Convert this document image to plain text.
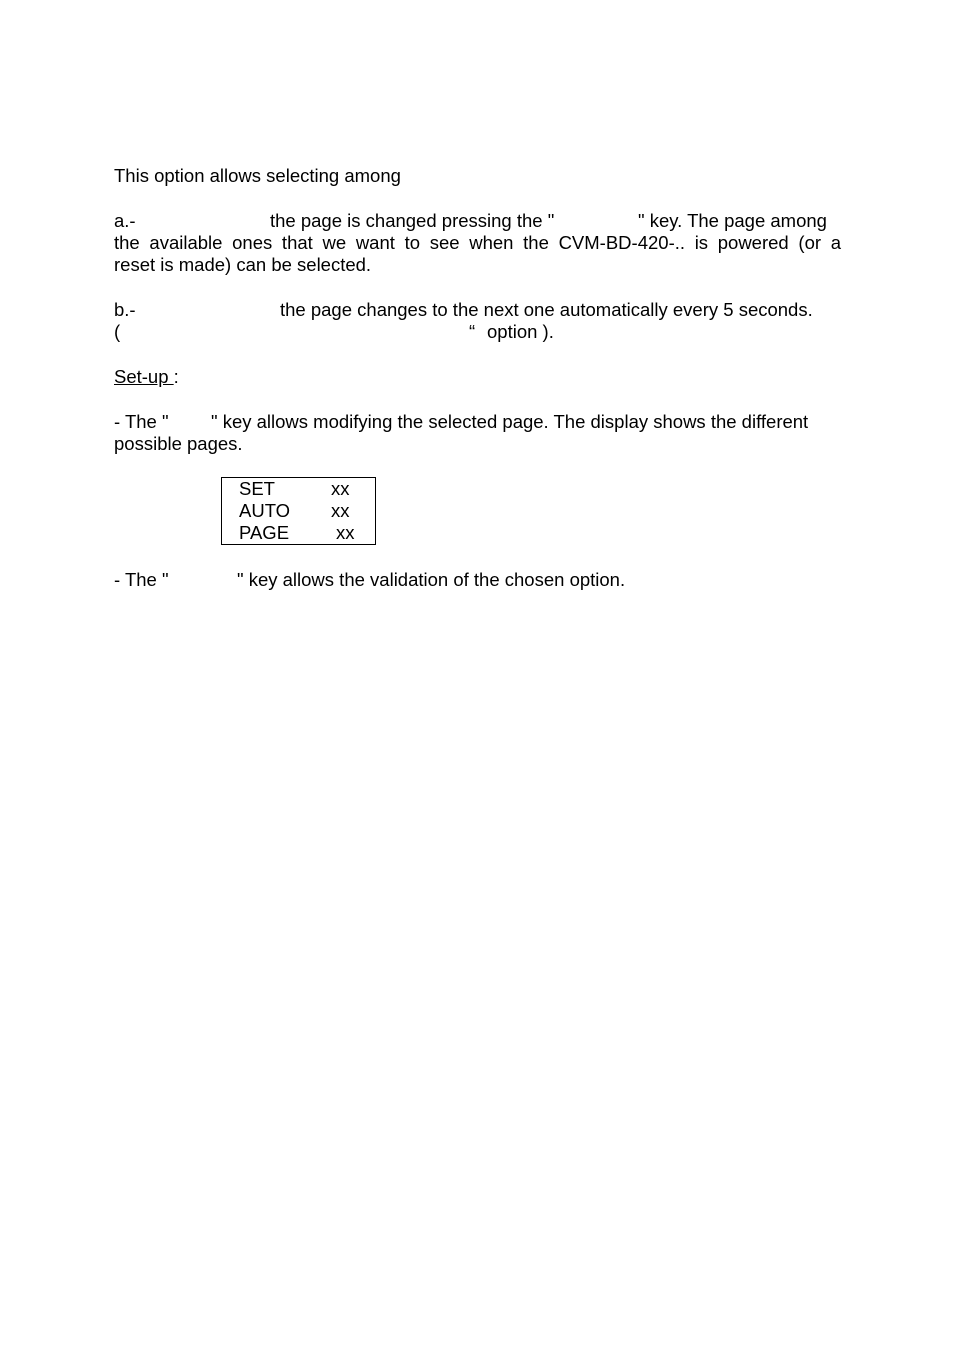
This option allows selecting among
a.-	the page is changed pressing the "	" key. The page among
the available ones that we want to see when the CVM-BD-420-.. is powered (or a
reset is made) can be selected.
b.-	the page changes to the next one automatically every 5 seconds.
(	“ option ).
Set-up :
- The " " key allows modifying the selected page. The display shows the different
possible pages.
SET	xx
AUTO xx
PAGE	xx
- The "	" key allows the validation of the chosen option.
